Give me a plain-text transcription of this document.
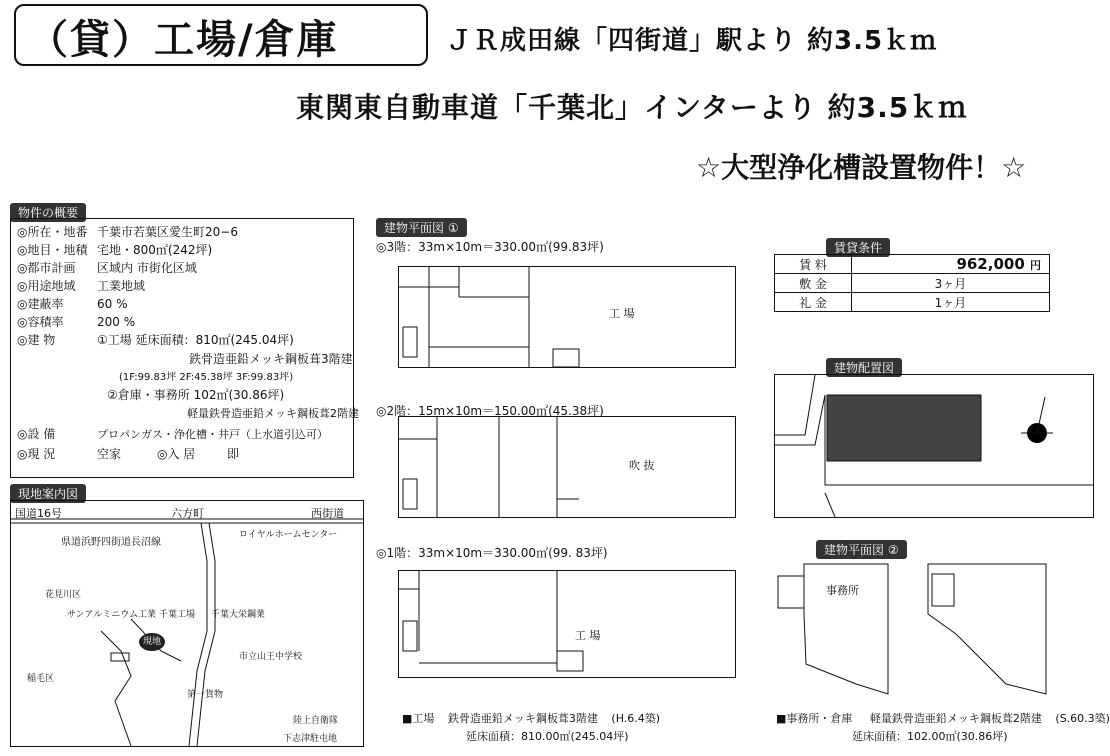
（貸）工場/倉庫	ＪＲ成田線「四街道」駅より 約3.5ｋｍ
東関東自動車道「千葉北」インターより 約3.5ｋｍ
☆大型浄化槽設置物件！☆
物件の概要
◎所在・地番 千葉市若葉区愛生町20−6
◎地目・地積 宅地・800㎡(242坪)
◎都市計画 区域内 市街化区域
◎用途地域 工業地域
◎建蔽率	60 %
◎容積率	200 %
◎建 物	①工場 延床面積：810㎡(245.04坪)
鉄骨造亜鉛メッキ鋼板葺3階建
(1F:99.83坪 2F:45.38坪 3F:99.83坪)
②倉庫・事務所 102㎡(30.86坪)
軽量鉄骨造亜鉛メッキ鋼板葺2階建
◎設 備	プロパンガス・浄化槽・井戸（上水道引込可）
◎現 況	空家	◎入 居	即
現地案内図
国道16号	六方町	西街道
県道浜野四街道長沼線
ロイヤルホームセンター
サンアルミニウム工業 千葉工場 千葉大栄鋼業
現地
市立山王中学校
第一貨物
花見川区
稲毛区
陸上自衛隊
下志津駐屯地
建物平面図 ①
◎3階：33m×10m＝330.00㎡(99.83坪)
工 場
◎2階：15m×10m＝150.00㎡(45.38坪)
吹 抜
◎1階：33m×10m＝330.00㎡(99. 83坪)
工 場
■工場 鉄骨造亜鉛メッキ鋼板葺3階建 (H.6.4築)
延床面積：810.00㎡(245.04坪)
賃貸条件
賃 料	962,000 円
敷 金	3ヶ月
礼 金	1ヶ月
建物配置図
建物平面図 ②
事務所
■事務所・倉庫 軽量鉄骨造亜鉛メッキ鋼板葺2階建 (S.60.3築)
延床面積：102.00㎡(30.86坪)
